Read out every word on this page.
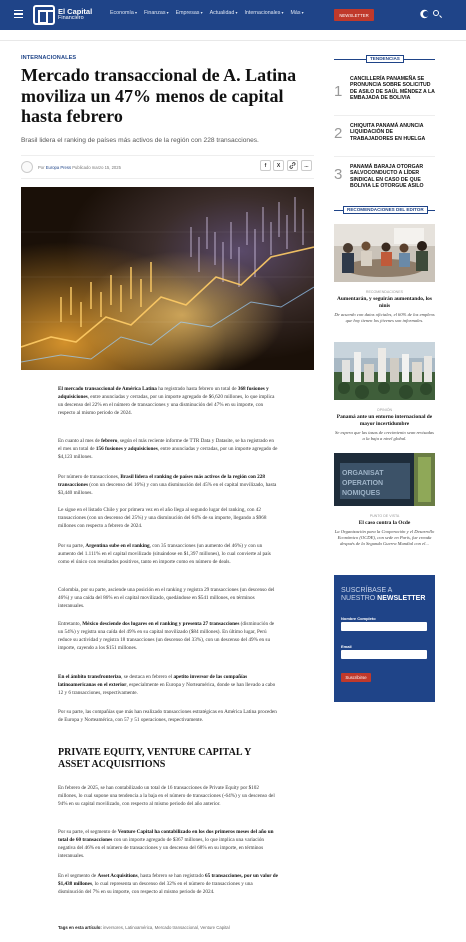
El Capital
Financiero
Economía ▾	Finanzas ▾	Empresas ▾	Actualidad ▾	Internacionales ▾	Más ▾	NEWSLETTER
INTERNACIONALES
Mercado transaccional de A. Latina moviliza un 47% menos de capital hasta febrero
Brasil lidera el ranking de países más activos de la región con 228 transacciones.
Por Europa Press Publicado marzo 15, 2025	f	X	...

El mercado transaccional de América Latina ha registrado hasta febrero un total de 368 fusiones y adquisiciones, entre anunciadas y cerradas, por un importe agregado de $6,620 millones, lo que implica un descenso del 22% en el número de transacciones y una disminución del 47% en su importe, con respecto al mismo periodo de 2024.

En cuanto al mes de febrero, según el más reciente informe de TTR Data y Datasite, se ha registrado en el mes un total de 156 fusiones y adquisiciones, entre anunciadas y cerradas, por un importe agregado de $4,123 millones.

Por número de transacciones, Brasil lidera el ranking de países más activos de la región con 228 transacciones (con un descenso del 16%) y con una disminución del 45% en el capital movilizado, hasta $3,440 millones.

Le sigue en el listado Chile y por primera vez en el año llega al segundo lugar del ranking, con 42 transacciones (con un descenso del 25%) y una disminución del 64% de su importe, llegando a $968 millones con respecto a febrero de 2024.

Por su parte, Argentina sube en el ranking, con 35 transacciones (un aumento del 46%) y con un aumento del 1.111% en el capital movilizado (situándose en $1,397 millones), lo cual convierte al país como el único con resultados positivos, tanto en importe como en número de deals.

Colombia, por su parte, asciende una posición en el ranking y registra 29 transacciones (un descenso del 46%) y una caída del 86% en el capital movilizado, quedándose en $541 millones, en términos interanuales.

Entretanto, México desciende dos lugares en el ranking y presenta 27 transacciones (disminución de un 54%) y registra una caída del 49% en su capital movilizado ($84 millones). En último lugar, Perú reduce su actividad y registra 18 transacciones (un descenso del 33%), con un descenso del 49% en su importe, cayendo a los $151 millones.

En el ámbito transfronterizo, se destaca en febrero el apetito inversor de las compañías latinoamericanas en el exterior, especialmente en Europa y Norteamérica, donde se han llevado a cabo 12 y 6 transacciones, respectivamente.

Por su parte, las compañías que más han realizado transacciones estratégicas en América Latina proceden de Europa y Norteamérica, con 57 y 51 operaciones, respectivamente.

PRIVATE EQUITY, VENTURE CAPITAL Y ASSET ACQUISITIONS

En febrero de 2025, se han contabilizado un total de 16 transacciones de Private Equity por $102 millones, lo cual supone una tendencia a la baja en el número de transacciones (-64%) y un descenso del 94% en su capital movilizado, con respecto al mismo periodo del año anterior.

Por su parte, el segmento de Venture Capital ha contabilizado en los dos primeros meses del año un total de 60 transacciones con un importe agregado de $367 millones, lo que implica una variación negativa del 46% en el número de transacciones y un descenso del 68% en su importe, en términos interanuales.

En el segmento de Asset Acquisitions, hasta febrero se han registrado 65 transacciones, por un valor de $1,438 millones, lo cual representa un descenso del 32% en el número de transacciones y una disminución del 7% en su importe, con respecto al mismo periodo de 2024.

Tags en esta artículo: inversores, Latinoamérica, Mercado transaccional, Venture Capital
TENDENCIAS
1
CANCILLERÍA PANAMEÑA SE PRONUNCIA SOBRE SOLICITUD DE ASILO DE SAÚL MÉNDEZ A LA EMBAJADA DE BOLIVIA
2 CHIQUITA PANAMÁ ANUNCIA LIQUIDACIÓN DE TRABAJADORES EN HUELGA
3 PANAMÁ BARAJA OTORGAR SALVOCONDUCTO A LÍDER SINDICAL EN CASO DE QUE BOLIVIA LE OTORGUE ASILO
RECOMENDACIONES DEL EDITOR
RECOMENDACIONES
Aumentarán, y seguirán aumentando, los ninis
De acuerdo con datos oficiales, el 60% de los empleos que hoy tienen los jóvenes son informales.
OPINIÓN
Panamá ante un entorno internacional de mayor incertidumbre
Se espera que las tasas de crecimiento sean revisadas a la baja a nivel global.
ORGANISAT
OPERATION
NOMIQUES
PUNTO DE VISTA
El caso contra la Ocde
La Organización para la Cooperación y el Desarrollo Económico (OCDE), con sede en París, fue creada después de la Segunda Guerra Mundial con el...
SUSCRÍBASE A
NUESTRO NEWSLETTER
Nombre Completo
Email
Suscribirse
